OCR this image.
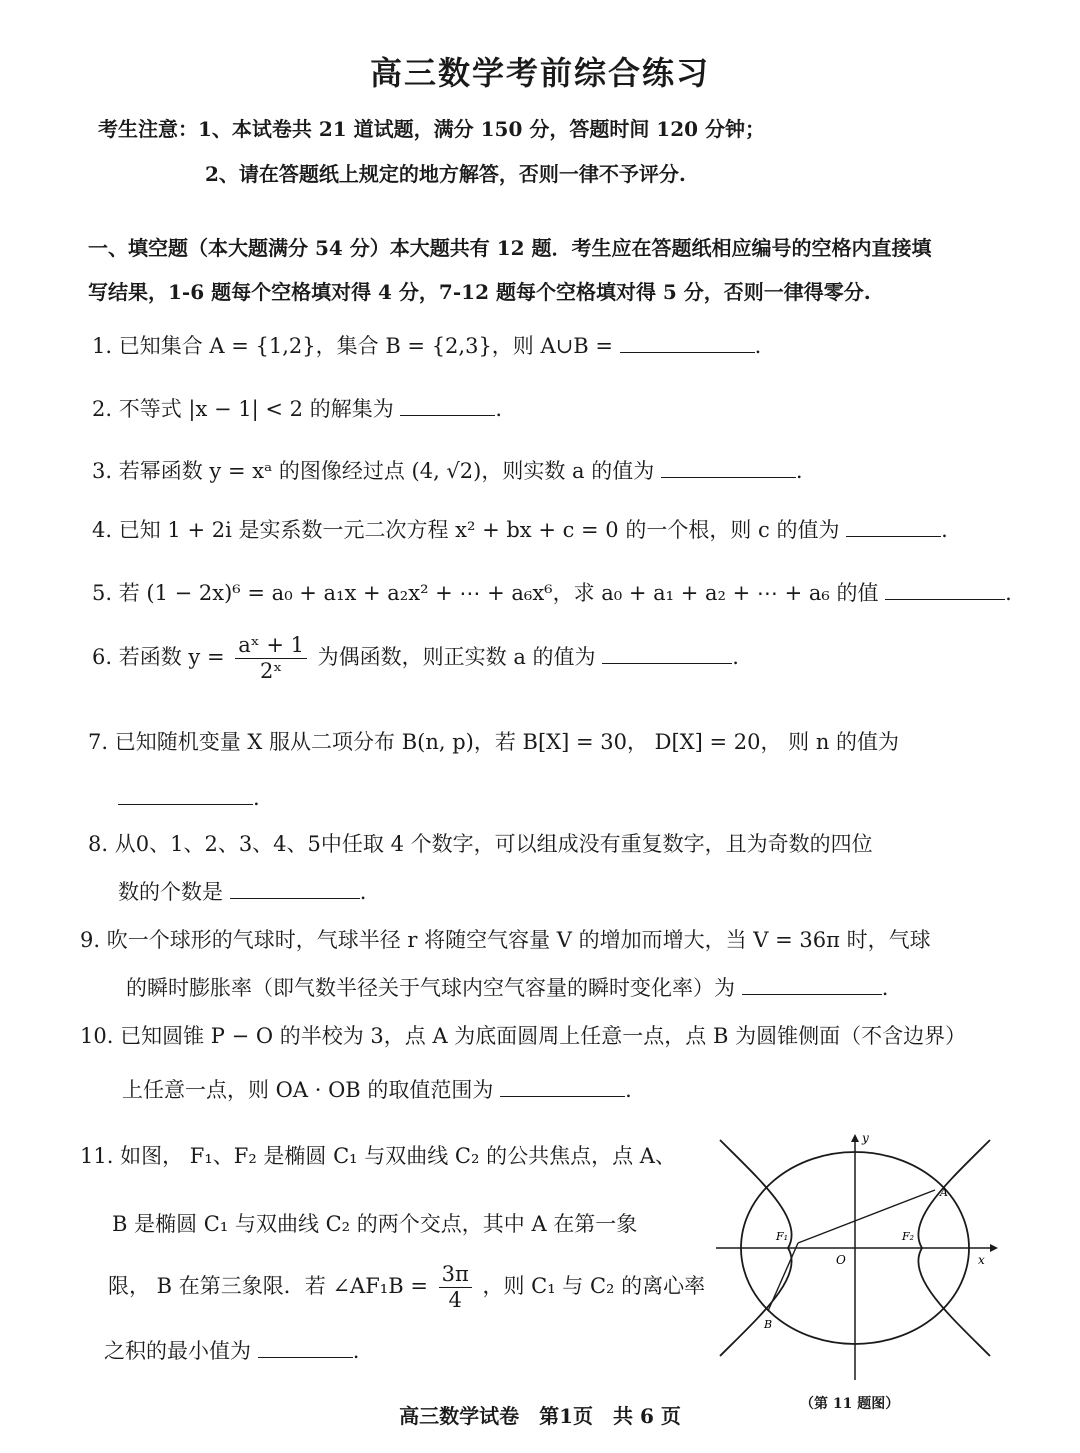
高三数学考前综合练习
考生注意：1、本试卷共 21 道试题，满分 150 分，答题时间 120 分钟；
2、请在答题纸上规定的地方解答，否则一律不予评分.
一、填空题（本大题满分 54 分）本大题共有 12 题．考生应在答题纸相应编号的空格内直接填
写结果，1-6 题每个空格填对得 4 分，7-12 题每个空格填对得 5 分，否则一律得零分.
1. 已知集合 A = {1,2}，集合 B = {2,3}，则 A∪B =	.
2. 不等式 |x − 1| < 2 的解集为	.
3. 若幂函数 y = xᵃ 的图像经过点 (4, √2)，则实数 a 的值为	.
4. 已知 1 + 2i 是实系数一元二次方程 x² + bx + c = 0 的一个根，则 c 的值为	.
5. 若 (1 − 2x)⁶ = a₀ + a₁x + a₂x² + ⋯ + a₆x⁶，求 a₀ + a₁ + a₂ + ⋯ + a₆ 的值	.
6. 若函数 $y = \frac{\text{aˣ + 1}}{\text{2ˣ}}$ 为偶函数，则正实数 a 的值为	.
7. 已知随机变量 X 服从二项分布 B(n, p)，若 B[X] = 30， D[X] = 20， 则 n 的值为
.
8. 从0、1、2、3、4、5中任取 4 个数字，可以组成没有重复数字，且为奇数的四位
数的个数是	.
9. 吹一个球形的气球时，气球半径 r 将随空气容量 V 的增加而增大，当 V = 36π 时，气球
的瞬时膨胀率（即气数半径关于气球内空气容量的瞬时变化率）为	.
10. 已知圆锥 P − O 的半校为 3，点 A 为底面圆周上任意一点，点 B 为圆锥侧面（不含边界）
上任意一点，则 OA · OB 的取值范围为	.
11. 如图， F₁、F₂ 是椭圆 C₁ 与双曲线 C₂ 的公共焦点，点 A、
B 是椭圆 C₁ 与双曲线 C₂ 的两个交点，其中 A 在第一象
限， B 在第三象限．若 ∠AF₁B = $\frac{3\pi}{4}$ ，则 C₁ 与 C₂ 的离心率
之积的最小值为	.
y
x
O
A
B
F₁	F₂
（第 11 题图）
高三数学试卷　第1页　共 6 页
